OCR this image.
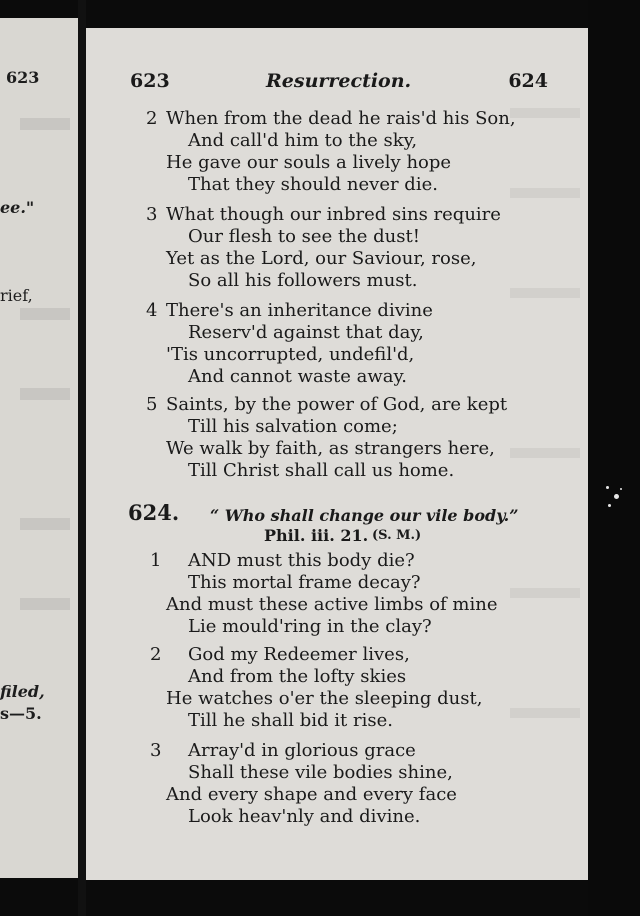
623
ee."
rief,
filed,
s—5.
623	Resurrection.	624
2 When from the dead he rais'd his Son,
And call'd him to the sky,
He gave our souls a lively hope
That they should never die.
3 What though our inbred sins require
Our flesh to see the dust!
Yet as the Lord, our Saviour, rose,
So all his followers must.
4 There's an inheritance divine
Reserv'd against that day,
'Tis uncorrupted, undefil'd,
And cannot waste away.
5 Saints, by the power of God, are kept
Till his salvation come;
We walk by faith, as strangers here,
Till Christ shall call us home.
624. “ Who shall change our vile body.”
Phil. iii. 21. (S. M.)
1 AND must this body die?
This mortal frame decay?
And must these active limbs of mine
Lie mould'ring in the clay?
2 God my Redeemer lives,
And from the lofty skies
He watches o'er the sleeping dust,
Till he shall bid it rise.
3 Array'd in glorious grace
Shall these vile bodies shine,
And every shape and every face
Look heav'nly and divine.
